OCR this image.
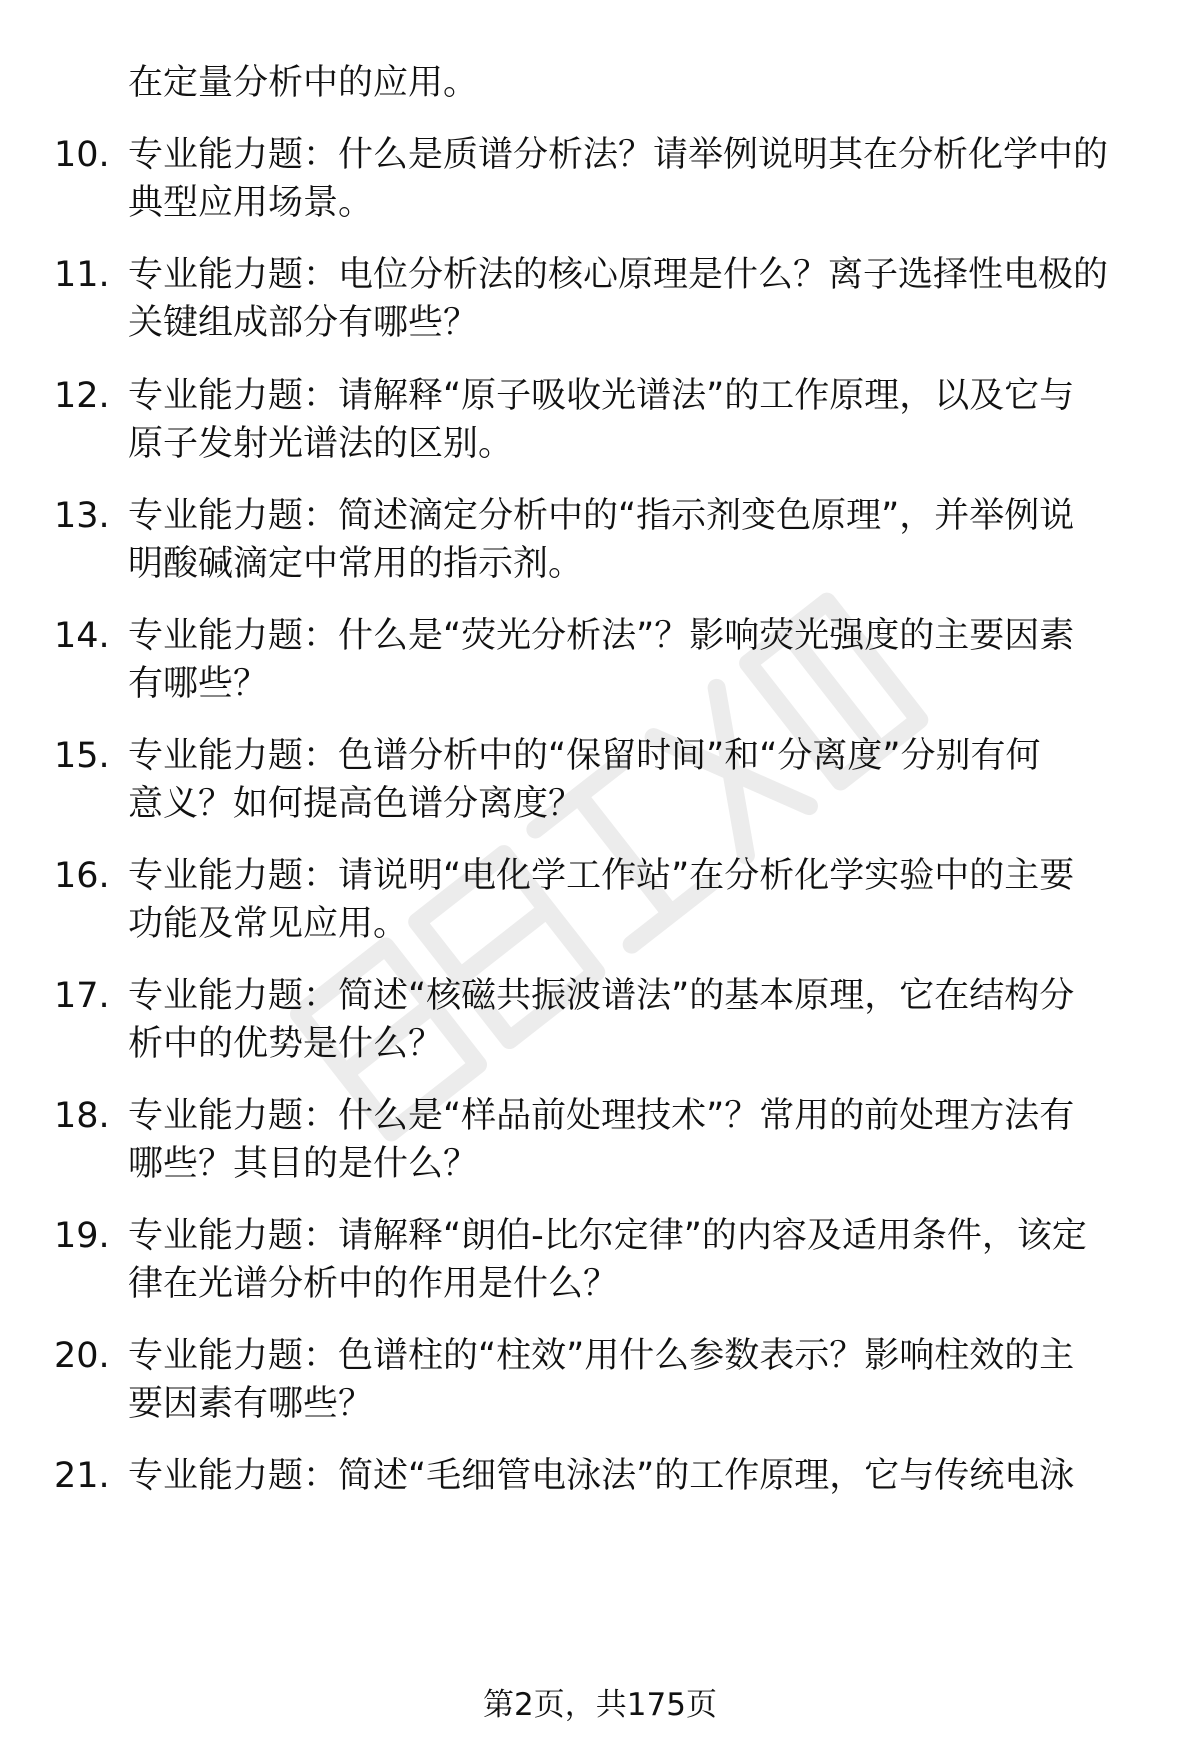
在定量分析中的应用。
10. 专业能力题：什么是质谱分析法？请举例说明其在分析化学中的
典型应用场景。
11. 专业能力题：电位分析法的核心原理是什么？离子选择性电极的
关键组成部分有哪些？
12. 专业能力题：请解释“原子吸收光谱法”的工作原理，以及它与
原子发射光谱法的区别。
13. 专业能力题：简述滴定分析中的“指示剂变色原理”，并举例说
明酸碱滴定中常用的指示剂。
14. 专业能力题：什么是“荧光分析法”？影响荧光强度的主要因素
有哪些？
15. 专业能力题：色谱分析中的“保留时间”和“分离度”分别有何
意义？如何提高色谱分离度？
16. 专业能力题：请说明“电化学工作站”在分析化学实验中的主要
功能及常见应用。
17. 专业能力题：简述“核磁共振波谱法”的基本原理，它在结构分
析中的优势是什么？
18. 专业能力题：什么是“样品前处理技术”？常用的前处理方法有
哪些？其目的是什么？
19. 专业能力题：请解释“朗伯-比尔定律”的内容及适用条件，该定
律在光谱分析中的作用是什么？
20. 专业能力题：色谱柱的“柱效”用什么参数表示？影响柱效的主
要因素有哪些？
21. 专业能力题：简述“毛细管电泳法”的工作原理，它与传统电泳
第2页，共175页
